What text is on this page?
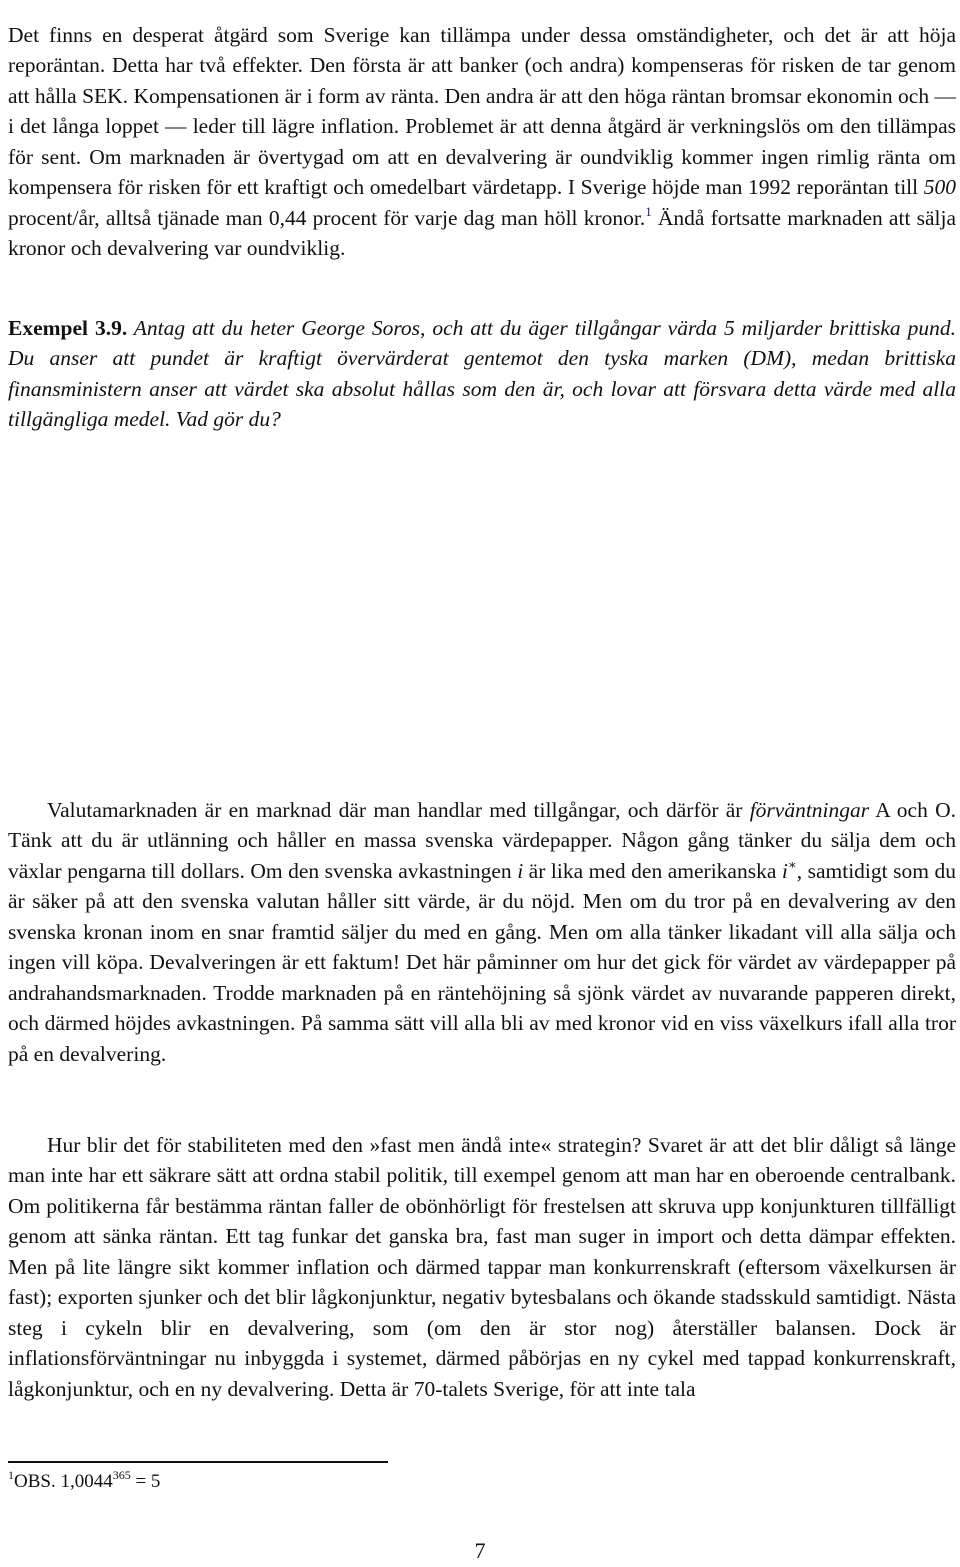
Det finns en desperat åtgärd som Sverige kan tillämpa under dessa omständigheter, och det är att höja reporäntan. Detta har två effekter. Den första är att banker (och andra) kompenseras för risken de tar genom att hålla SEK. Kompensationen är i form av ränta. Den andra är att den höga räntan bromsar ekonomin och — i det långa loppet — leder till lägre inflation. Problemet är att denna åtgärd är verkningslös om den tillämpas för sent. Om marknaden är övertygad om att en devalvering är oundviklig kommer ingen rimlig ränta om kompensera för risken för ett kraftigt och omedelbart värdetapp. I Sverige höjde man 1992 reporäntan till 500 procent/år, alltså tjänade man 0,44 procent för varje dag man höll kronor.$^1$ Ändå fortsatte marknaden att sälja kronor och devalvering var oundviklig.

Exempel 3.9. Antag att du heter George Soros, och att du äger tillgångar värda 5 miljarder brittiska pund. Du anser att pundet är kraftigt övervärderat gentemot den tyska marken (DM), medan brittiska finansministern anser att värdet ska absolut hållas som den är, och lovar att försvara detta värde med alla tillgängliga medel. Vad gör du?

Valutamarknaden är en marknad där man handlar med tillgångar, och därför är förväntningar A och O. Tänk att du är utlänning och håller en massa svenska värdepapper. Någon gång tänker du sälja dem och växlar pengarna till dollars. Om den svenska avkastningen i är lika med den amerikanska i∗, samtidigt som du är säker på att den svenska valutan håller sitt värde, är du nöjd. Men om du tror på en devalvering av den svenska kronan inom en snar framtid säljer du med en gång. Men om alla tänker likadant vill alla sälja och ingen vill köpa. Devalveringen är ett faktum! Det här påminner om hur det gick för värdet av värdepapper på andrahandsmarknaden. Trodde marknaden på en räntehöjning så sjönk värdet av nuvarande papperen direkt, och därmed höjdes avkastningen. På samma sätt vill alla bli av med kronor vid en viss växelkurs ifall alla tror på en devalvering.

Hur blir det för stabiliteten med den »fast men ändå inte« strategin? Svaret är att det blir dåligt så länge man inte har ett säkrare sätt att ordna stabil politik, till exempel genom att man har en oberoende centralbank. Om politikerna får bestämma räntan faller de obönhörligt för frestelsen att skruva upp konjunkturen tillfälligt genom att sänka räntan. Ett tag funkar det ganska bra, fast man suger in import och detta dämpar effekten. Men på lite längre sikt kommer inflation och därmed tappar man konkurrenskraft (eftersom växelkursen är fast); exporten sjunker och det blir lågkonjunktur, negativ bytesbalans och ökande stadsskuld samtidigt. Nästa steg i cykeln blir en devalvering, som (om den är stor nog) återställer balansen. Dock är inflationsförväntningar nu inbyggda i systemet, därmed påbörjas en ny cykel med tappad konkurrenskraft, lågkonjunktur, och en ny devalvering. Detta är 70-talets Sverige, för att inte tala

$^1$OBS. $1,0044^{365} = 5$
7
